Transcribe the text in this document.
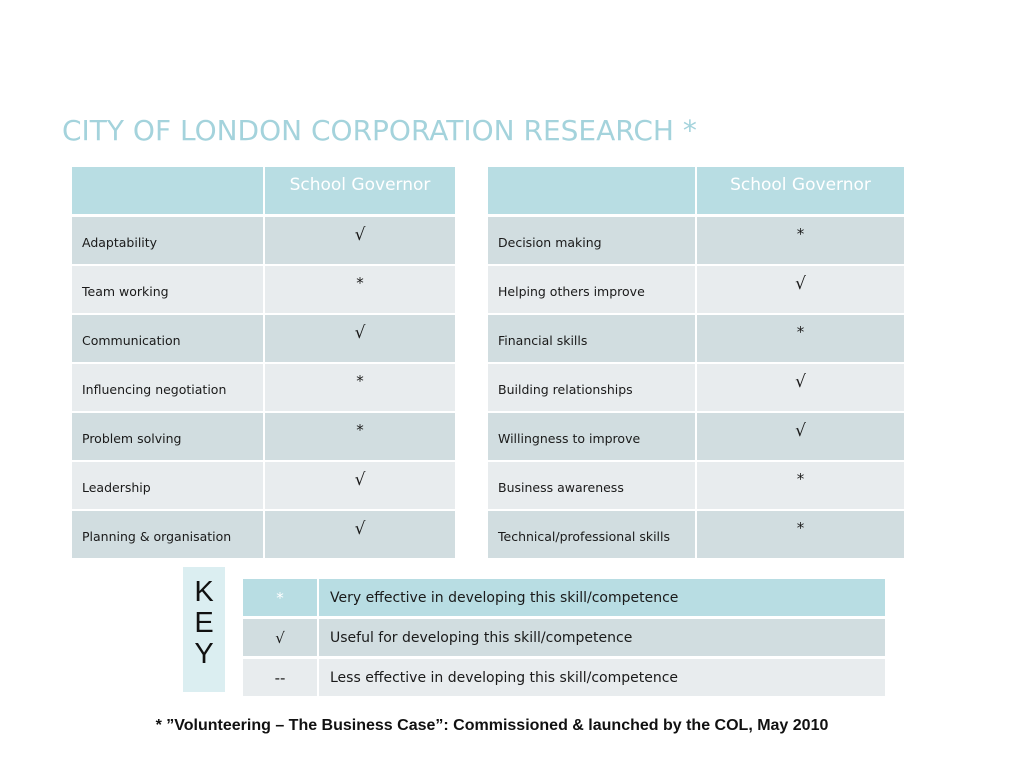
CITY OF LONDON CORPORATION RESEARCH *
	School Governor
Adaptability	√
Team working	*
Communication	√
Influencing negotiation	*
Problem solving	*
Leadership	√
Planning & organisation	√
	School Governor
Decision making	*
Helping others improve	√
Financial skills	*
Building relationships	√
Willingness to improve	√
Business awareness	*
Technical/professional skills	*
K
E
Y
*	Very effective in developing this skill/competence
√	Useful for developing this skill/competence
--	Less effective in developing this skill/competence
* ”Volunteering – The Business Case”: Commissioned & launched by the COL, May 2010
